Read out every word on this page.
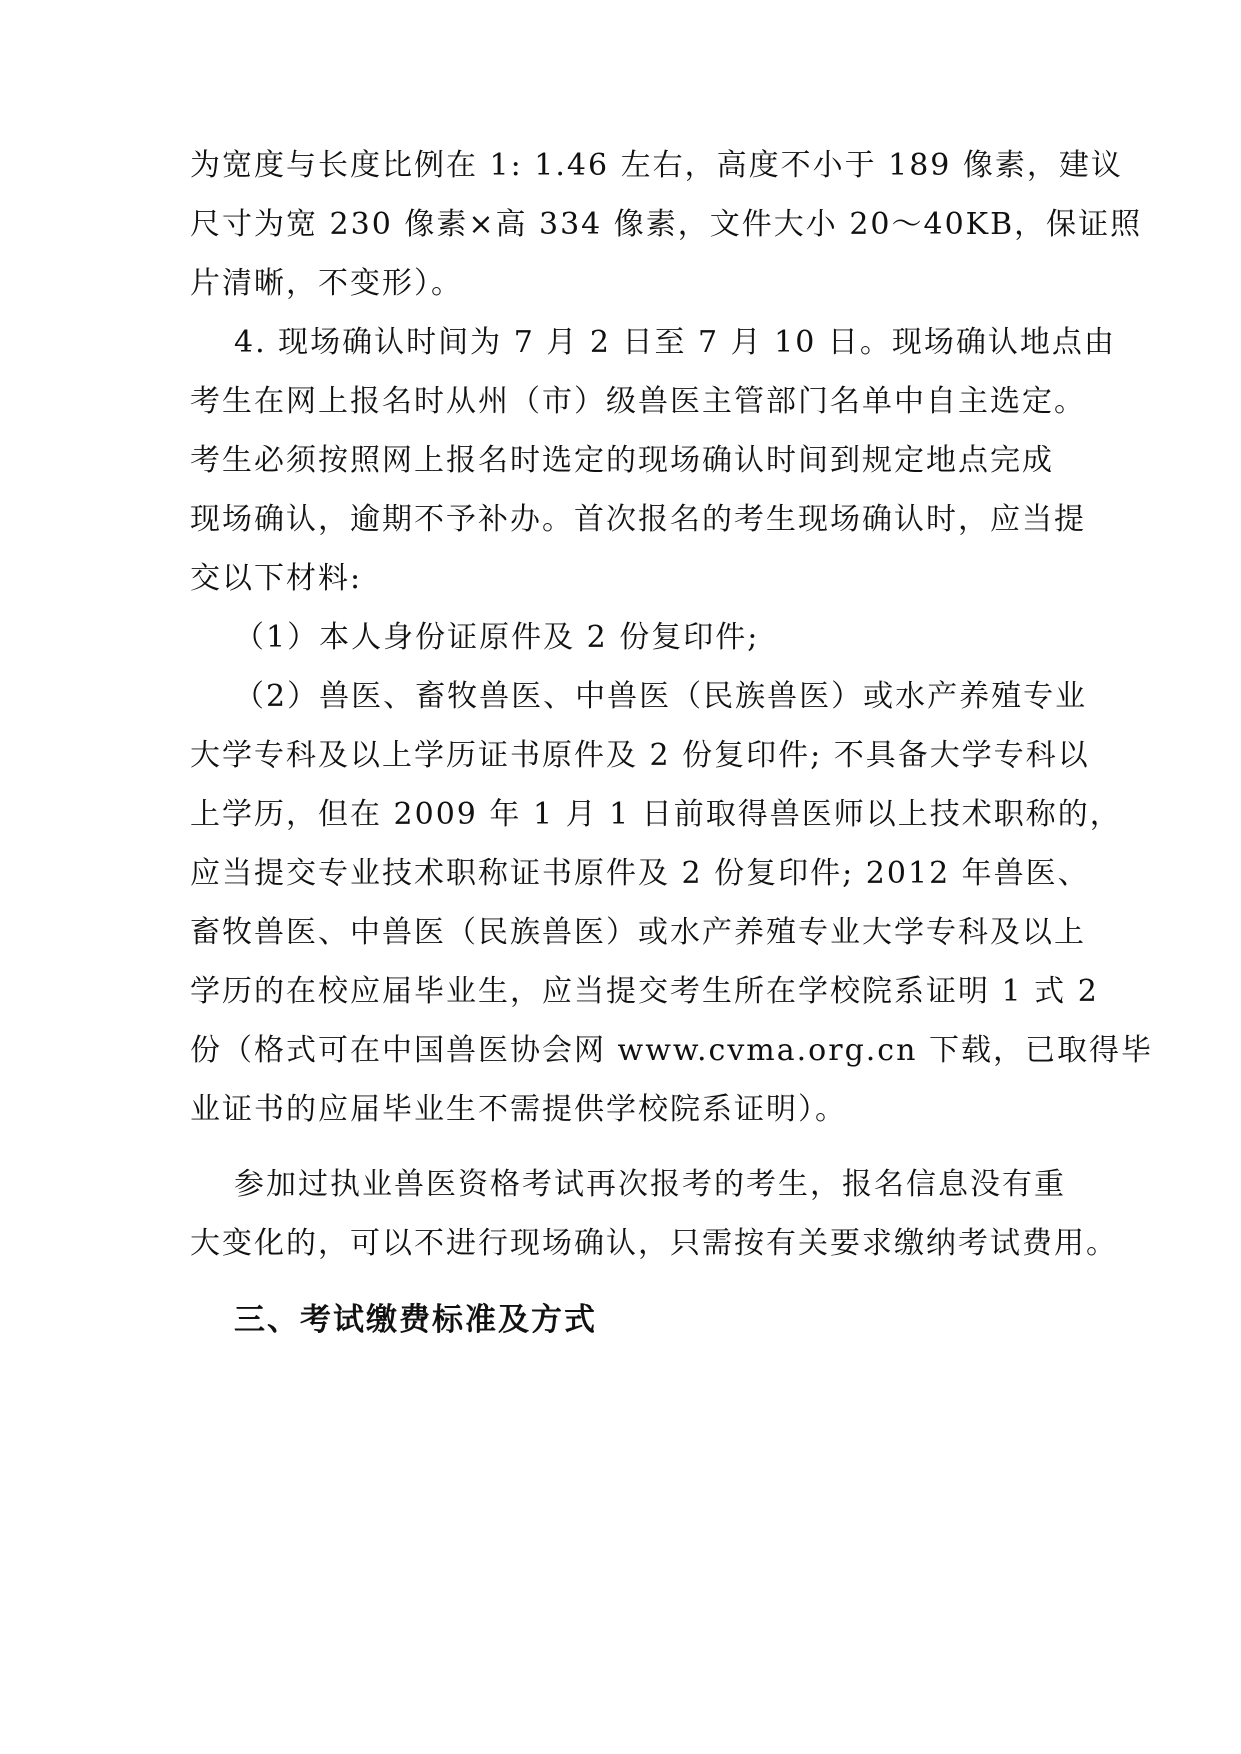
为宽度与长度比例在 1: 1.46 左右，高度不小于 189 像素，建议
尺寸为宽 230 像素×高 334 像素，文件大小 20～40KB，保证照
片清晰，不变形）。
4. 现场确认时间为 7 月 2 日至 7 月 10 日。现场确认地点由
考生在网上报名时从州（市）级兽医主管部门名单中自主选定。
考生必须按照网上报名时选定的现场确认时间到规定地点完成
现场确认，逾期不予补办。首次报名的考生现场确认时，应当提
交以下材料:
（1）本人身份证原件及 2 份复印件;
（2）兽医、畜牧兽医、中兽医（民族兽医）或水产养殖专业
大学专科及以上学历证书原件及 2 份复印件; 不具备大学专科以
上学历，但在 2009 年 1 月 1 日前取得兽医师以上技术职称的，
应当提交专业技术职称证书原件及 2 份复印件; 2012 年兽医、
畜牧兽医、中兽医（民族兽医）或水产养殖专业大学专科及以上
学历的在校应届毕业生，应当提交考生所在学校院系证明 1 式 2
份（格式可在中国兽医协会网 www.cvma.org.cn 下载，已取得毕
业证书的应届毕业生不需提供学校院系证明）。
参加过执业兽医资格考试再次报考的考生，报名信息没有重
大变化的，可以不进行现场确认，只需按有关要求缴纳考试费用。
三、考试缴费标准及方式
